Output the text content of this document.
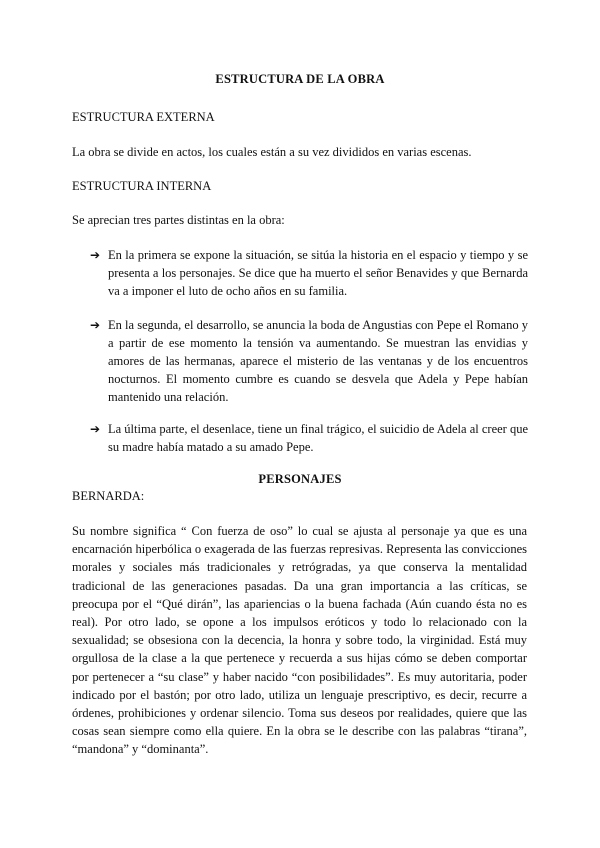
ESTRUCTURA DE LA OBRA
ESTRUCTURA EXTERNA
La obra se divide en actos, los cuales están a su vez divididos en varias escenas.
ESTRUCTURA INTERNA
Se aprecian tres partes distintas en la obra:
➔ En la primera se expone la situación, se sitúa la historia en el espacio y tiempo y se presenta a los personajes. Se dice que ha muerto el señor Benavides y que Bernarda va a imponer el luto de ocho años en su familia.
➔ En la segunda, el desarrollo, se anuncia la boda de Angustias con Pepe el Romano y a partir de ese momento la tensión va aumentando. Se muestran las envidias y amores de las hermanas, aparece el misterio de las ventanas y de los encuentros nocturnos. El momento cumbre es cuando se desvela que Adela y Pepe habían mantenido una relación.
➔ La última parte, el desenlace, tiene un final trágico, el suicidio de Adela al creer que su madre había matado a su amado Pepe.
PERSONAJES
BERNARDA:
Su nombre significa “ Con fuerza de oso” lo cual se ajusta al personaje ya que es una encarnación hiperbólica o exagerada de las fuerzas represivas. Representa las convicciones morales y sociales más tradicionales y retrógradas, ya que conserva la mentalidad tradicional de las generaciones pasadas. Da una gran importancia a las críticas, se preocupa por el “Qué dirán”, las apariencias o la buena fachada (Aún cuando ésta no es real). Por otro lado, se opone a los impulsos eróticos y todo lo relacionado con la sexualidad; se obsesiona con la decencia, la honra y sobre todo, la virginidad. Está muy orgullosa de la clase a la que pertenece y recuerda a sus hijas cómo se deben comportar por pertenecer a “su clase” y haber nacido “con posibilidades”. Es muy autoritaria, poder indicado por el bastón; por otro lado, utiliza un lenguaje prescriptivo, es decir, recurre a órdenes, prohibiciones y ordenar silencio. Toma sus deseos por realidades, quiere que las cosas sean siempre como ella quiere. En la obra se le describe con las palabras “tirana”, “mandona” y “dominanta”.
